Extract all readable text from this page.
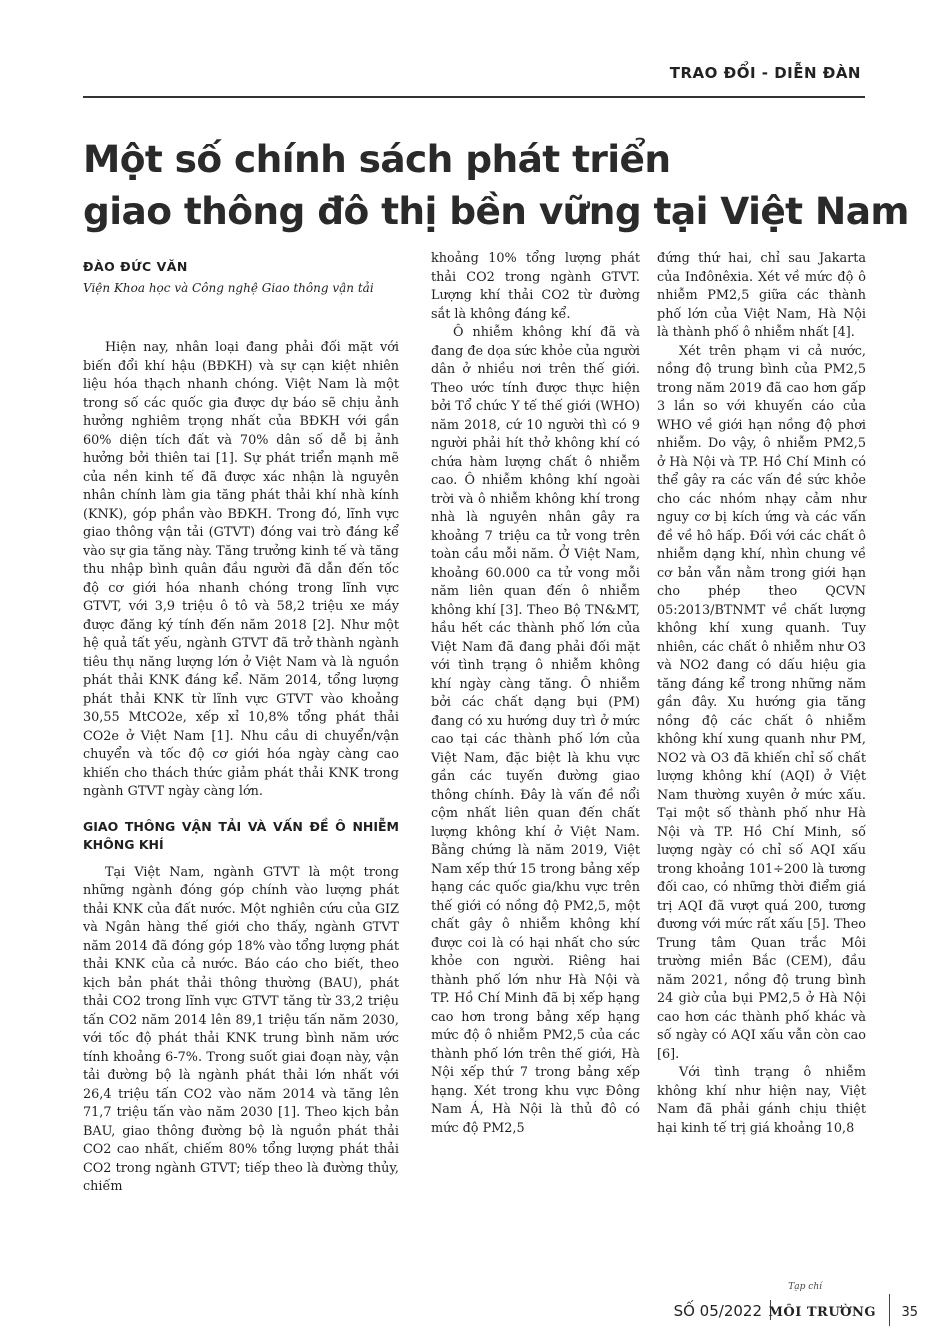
TRAO ĐỔI - DIỄN ĐÀN
Một số chính sách phát triển
giao thông đô thị bền vững tại Việt Nam
ĐÀO ĐỨC VĂN
Viện Khoa học và Công nghệ Giao thông vận tải

Hiện nay, nhân loại đang phải đối mặt với biến đổi khí hậu (BĐKH) và sự cạn kiệt nhiên liệu hóa thạch nhanh chóng. Việt Nam là một trong số các quốc gia được dự báo sẽ chịu ảnh hưởng nghiêm trọng nhất của BĐKH với gần 60% diện tích đất và 70% dân số dễ bị ảnh hưởng bởi thiên tai [1]. Sự phát triển mạnh mẽ của nền kinh tế đã được xác nhận là nguyên nhân chính làm gia tăng phát thải khí nhà kính (KNK), góp phần vào BĐKH. Trong đó, lĩnh vực giao thông vận tải (GTVT) đóng vai trò đáng kể vào sự gia tăng này. Tăng trưởng kinh tế và tăng thu nhập bình quân đầu người đã dẫn đến tốc độ cơ giới hóa nhanh chóng trong lĩnh vực GTVT, với 3,9 triệu ô tô và 58,2 triệu xe máy được đăng ký tính đến năm 2018 [2]. Như một hệ quả tất yếu, ngành GTVT đã trở thành ngành tiêu thụ năng lượng lớn ở Việt Nam và là nguồn phát thải KNK đáng kể. Năm 2014, tổng lượng phát thải KNK từ lĩnh vực GTVT vào khoảng 30,55 MtCO2e, xếp xỉ 10,8% tổng phát thải CO2e ở Việt Nam [1]. Nhu cầu di chuyển/vận chuyển và tốc độ cơ giới hóa ngày càng cao khiến cho thách thức giảm phát thải KNK trong ngành GTVT ngày càng lớn.

GIAO THÔNG VẬN TẢI VÀ VẤN ĐỀ Ô NHIỄM KHÔNG KHÍ

Tại Việt Nam, ngành GTVT là một trong những ngành đóng góp chính vào lượng phát thải KNK của đất nước. Một nghiên cứu của GIZ và Ngân hàng thế giới cho thấy, ngành GTVT năm 2014 đã đóng góp 18% vào tổng lượng phát thải KNK của cả nước. Báo cáo cho biết, theo kịch bản phát thải thông thường (BAU), phát thải CO2 trong lĩnh vực GTVT tăng từ 33,2 triệu tấn CO2 năm 2014 lên 89,1 triệu tấn năm 2030, với tốc độ phát thải KNK trung bình năm ước tính khoảng 6-7%. Trong suốt giai đoạn này, vận tải đường bộ là ngành phát thải lớn nhất với 26,4 triệu tấn CO2 vào năm 2014 và tăng lên 71,7 triệu tấn vào năm 2030 [1]. Theo kịch bản BAU, giao thông đường bộ là nguồn phát thải CO2 cao nhất, chiếm 80% tổng lượng phát thải CO2 trong ngành GTVT; tiếp theo là đường thủy, chiếm

khoảng 10% tổng lượng phát thải CO2 trong ngành GTVT. Lượng khí thải CO2 từ đường sắt là không đáng kể.

Ô nhiễm không khí đã và đang đe dọa sức khỏe của người dân ở nhiều nơi trên thế giới. Theo ước tính được thực hiện bởi Tổ chức Y tế thế giới (WHO) năm 2018, cứ 10 người thì có 9 người phải hít thở không khí có chứa hàm lượng chất ô nhiễm cao. Ô nhiễm không khí ngoài trời và ô nhiễm không khí trong nhà là nguyên nhân gây ra khoảng 7 triệu ca tử vong trên toàn cầu mỗi năm. Ở Việt Nam, khoảng 60.000 ca tử vong mỗi năm liên quan đến ô nhiễm không khí [3]. Theo Bộ TN&MT, hầu hết các thành phố lớn của Việt Nam đã đang phải đối mặt với tình trạng ô nhiễm không khí ngày càng tăng. Ô nhiễm bởi các chất dạng bụi (PM) đang có xu hướng duy trì ở mức cao tại các thành phố lớn của Việt Nam, đặc biệt là khu vực gần các tuyến đường giao thông chính. Đây là vấn đề nổi cộm nhất liên quan đến chất lượng không khí ở Việt Nam. Bằng chứng là năm 2019, Việt Nam xếp thứ 15 trong bảng xếp hạng các quốc gia/khu vực trên thế giới có nồng độ PM2,5, một chất gây ô nhiễm không khí được coi là có hại nhất cho sức khỏe con người. Riêng hai thành phố lớn như Hà Nội và TP. Hồ Chí Minh đã bị xếp hạng cao hơn trong bảng xếp hạng mức độ ô nhiễm PM2,5 của các thành phố lớn trên thế giới, Hà Nội xếp thứ 7 trong bảng xếp hạng. Xét trong khu vực Đông Nam Á, Hà Nội là thủ đô có mức độ PM2,5

đứng thứ hai, chỉ sau Jakarta của Inđônêxia. Xét về mức độ ô nhiễm PM2,5 giữa các thành phố lớn của Việt Nam, Hà Nội là thành phố ô nhiễm nhất [4].

Xét trên phạm vi cả nước, nồng độ trung bình của PM2,5 trong năm 2019 đã cao hơn gấp 3 lần so với khuyến cáo của WHO về giới hạn nồng độ phơi nhiễm. Do vậy, ô nhiễm PM2,5 ở Hà Nội và TP. Hồ Chí Minh có thể gây ra các vấn đề sức khỏe cho các nhóm nhạy cảm như nguy cơ bị kích ứng và các vấn đề về hô hấp. Đối với các chất ô nhiễm dạng khí, nhìn chung về cơ bản vẫn nằm trong giới hạn cho phép theo QCVN 05:2013/BTNMT về chất lượng không khí xung quanh. Tuy nhiên, các chất ô nhiễm như O3 và NO2 đang có dấu hiệu gia tăng đáng kể trong những năm gần đây. Xu hướng gia tăng nồng độ các chất ô nhiễm không khí xung quanh như PM, NO2 và O3 đã khiến chỉ số chất lượng không khí (AQI) ở Việt Nam thường xuyên ở mức xấu. Tại một số thành phố như Hà Nội và TP. Hồ Chí Minh, số lượng ngày có chỉ số AQI xấu trong khoảng 101÷200 là tương đối cao, có những thời điểm giá trị AQI đã vượt quá 200, tương đương với mức rất xấu [5]. Theo Trung tâm Quan trắc Môi trường miền Bắc (CEM), đầu năm 2021, nồng độ trung bình 24 giờ của bụi PM2,5 ở Hà Nội cao hơn các thành phố khác và số ngày có AQI xấu vẫn còn cao [6].

Với tình trạng ô nhiễm không khí như hiện nay, Việt Nam đã phải gánh chịu thiệt hại kinh tế trị giá khoảng 10,8

Tạp chí
SỐ 05/2022 MÔI TRƯỜNG 35
